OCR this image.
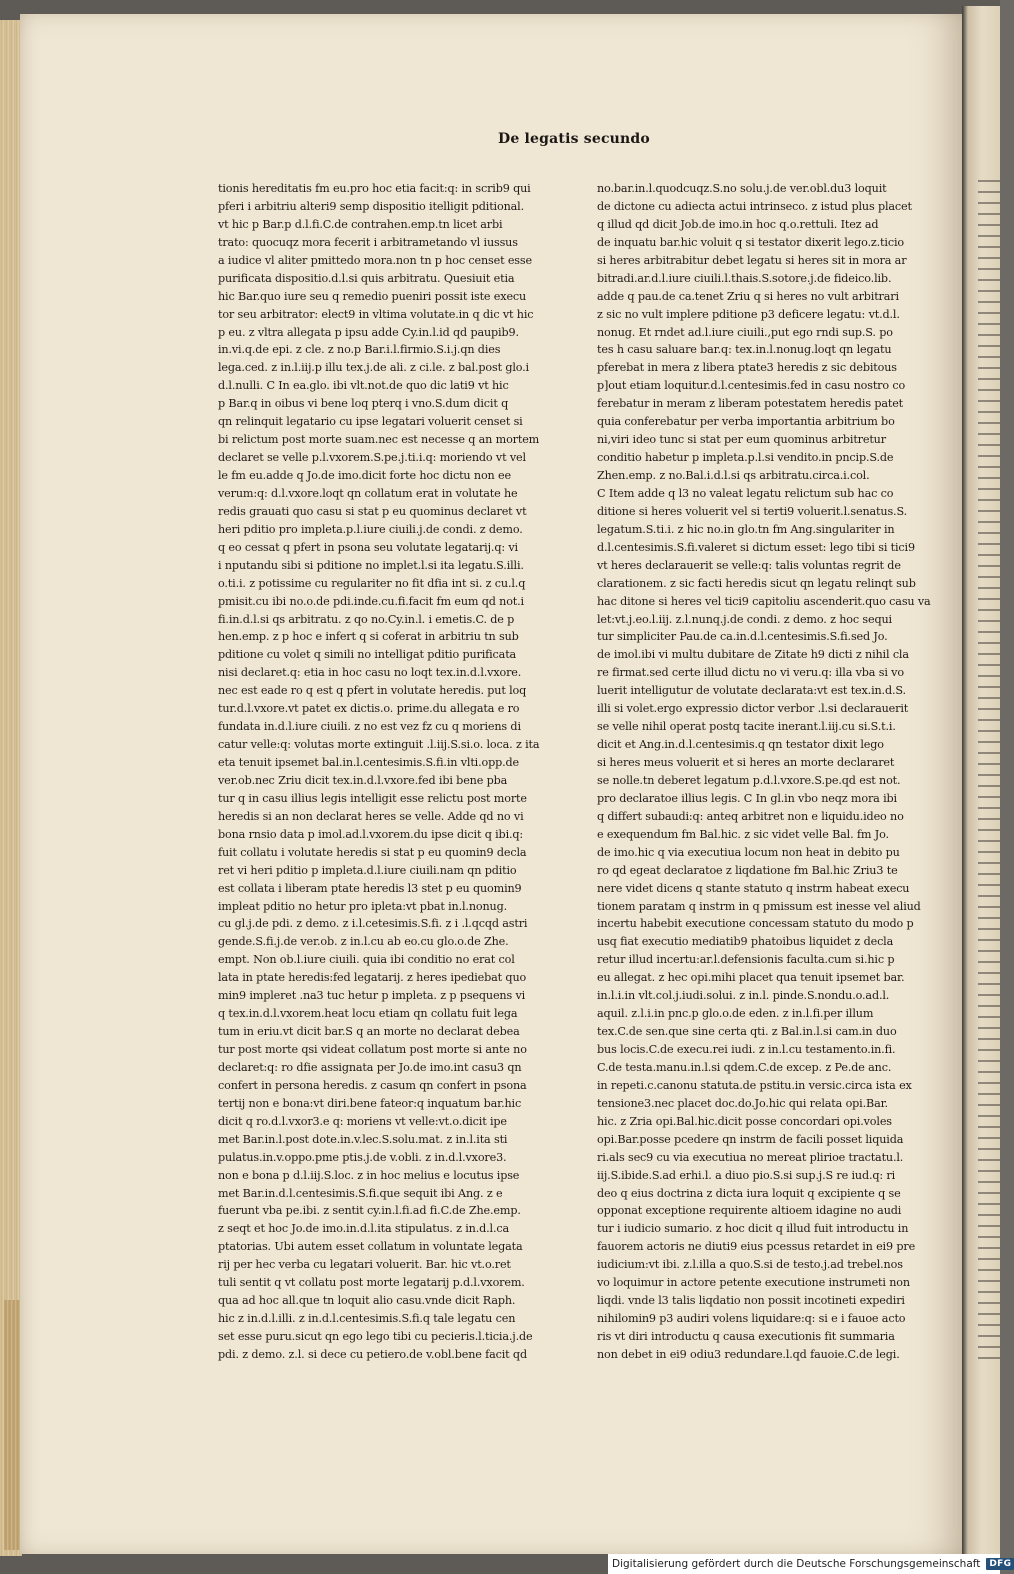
De legatis secundo
tionis hereditatis fm eu.pro hoc etia facit:q: in scrib9 qui
pferi i arbitriu alteri9 semp dispositio itelligit pditional.
vt hic p Bar.p d.l.fi.C.de contrahen.emp.tn licet arbi
trato: quocuqz mora fecerit i arbitrametando vl iussus
a iudice vl aliter pmittedo mora.non tn p hoc censet esse
purificata dispositio.d.l.si quis arbitratu. Quesiuit etia
hic Bar.quo iure seu q remedio pueniri possit iste execu
tor seu arbitrator: elect9 in vltima volutate.in q dic vt hic
p eu. z vltra allegata p ipsu adde Cy.in.l.id qd paupib9.
in.vi.q.de epi. z cle. z no.p Bar.i.l.firmio.S.i.j.qn dies
lega.ced. z in.l.iij.p illu tex.j.de ali. z ci.le. z bal.post glo.i
d.l.nulli. C In ea.glo. ibi vlt.not.de quo dic lati9 vt hic
p Bar.q in oibus vi bene loq pterq i vno.S.dum dicit q
qn relinquit legatario cu ipse legatari voluerit censet si
bi relictum post morte suam.nec est necesse q an mortem
declaret se velle p.l.vxorem.S.pe.j.ti.i.q: moriendo vt vel
le fm eu.adde q Jo.de imo.dicit forte hoc dictu non ee
verum:q: d.l.vxore.loqt qn collatum erat in volutate he
redis grauati quo casu si stat p eu quominus declaret vt
heri pditio pro impleta.p.l.iure ciuili.j.de condi. z demo.
q eo cessat q pfert in psona seu volutate legatarij.q: vi
i nputandu sibi si pditione no implet.l.si ita legatu.S.illi.
o.ti.i. z potissime cu regulariter no fit dfia int si. z cu.l.q
pmisit.cu ibi no.o.de pdi.inde.cu.fi.facit fm eum qd not.i
fi.in.d.l.si qs arbitratu. z qo no.Cy.in.l. i emetis.C. de p
hen.emp. z p hoc e infert q si coferat in arbitriu tn sub
pditione cu volet q simili no intelligat pditio purificata
nisi declaret.q: etia in hoc casu no loqt tex.in.d.l.vxore.
nec est eade ro q est q pfert in volutate heredis. put loq
tur.d.l.vxore.vt patet ex dictis.o. prime.du allegata e ro
fundata in.d.l.iure ciuili. z no est vez fz cu q moriens di
catur velle:q: volutas morte extinguit .l.iij.S.si.o. loca. z ita
eta tenuit ipsemet bal.in.l.centesimis.S.fi.in vlti.opp.de
ver.ob.nec Zriu dicit tex.in.d.l.vxore.fed ibi bene pba
tur q in casu illius legis intelligit esse relictu post morte
heredis si an non declarat heres se velle. Adde qd no vi
bona rnsio data p imol.ad.l.vxorem.du ipse dicit q ibi.q:
fuit collatu i volutate heredis si stat p eu quomin9 decla
ret vi heri pditio p impleta.d.l.iure ciuili.nam qn pditio
est collata i liberam ptate heredis l3 stet p eu quomin9
impleat pditio no hetur pro ipleta:vt pbat in.l.nonug.
cu gl.j.de pdi. z demo. z i.l.cetesimis.S.fi. z i .l.qcqd astri
gende.S.fi.j.de ver.ob. z in.l.cu ab eo.cu glo.o.de Zhe.
empt. Non ob.l.iure ciuili. quia ibi conditio no erat col
lata in ptate heredis:fed legatarij. z heres ipediebat quo
min9 impleret .na3 tuc hetur p impleta. z p psequens vi
q tex.in.d.l.vxorem.heat locu etiam qn collatu fuit lega
tum in eriu.vt dicit bar.S q an morte no declarat debea
tur post morte qsi videat collatum post morte si ante no
declaret:q: ro dfie assignata per Jo.de imo.int casu3 qn
confert in persona heredis. z casum qn confert in psona
tertij non e bona:vt diri.bene fateor:q inquatum bar.hic
dicit q ro.d.l.vxor3.e q: moriens vt velle:vt.o.dicit ipe
met Bar.in.l.post dote.in.v.lec.S.solu.mat. z in.l.ita sti
pulatus.in.v.oppo.pme ptis.j.de v.obli. z in.d.l.vxore3.
non e bona p d.l.iij.S.loc. z in hoc melius e locutus ipse
met Bar.in.d.l.centesimis.S.fi.que sequit ibi Ang. z e
fuerunt vba pe.ibi. z sentit cy.in.l.fi.ad fi.C.de Zhe.emp.
z seqt et hoc Jo.de imo.in.d.l.ita stipulatus. z in.d.l.ca
ptatorias. Ubi autem esset collatum in voluntate legata
rij per hec verba cu legatari voluerit. Bar. hic vt.o.ret
tuli sentit q vt collatu post morte legatarij p.d.l.vxorem.
qua ad hoc all.que tn loquit alio casu.vnde dicit Raph.
hic z in.d.l.illi. z in.d.l.centesimis.S.fi.q tale legatu cen
set esse puru.sicut qn ego lego tibi cu pecieris.l.ticia.j.de
pdi. z demo. z.l. si dece cu petiero.de v.obl.bene facit qd
no.bar.in.l.quodcuqz.S.no solu.j.de ver.obl.du3 loquit
de dictone cu adiecta actui intrinseco. z istud plus placet
q illud qd dicit Job.de imo.in hoc q.o.rettuli. Itez ad
de inquatu bar.hic voluit q si testator dixerit lego.z.ticio
si heres arbitrabitur debet legatu si heres sit in mora ar
bitradi.ar.d.l.iure ciuili.l.thais.S.sotore.j.de fideico.lib.
adde q pau.de ca.tenet Zriu q si heres no vult arbitrari
z sic no vult implere pditione p3 deficere legatu: vt.d.l.
nonug. Et rndet ad.l.iure ciuili.,put ego rndi sup.S. po
tes h casu saluare bar.q: tex.in.l.nonug.loqt qn legatu
pferebat in mera z libera ptate3 heredis z sic debitous
p]out etiam loquitur.d.l.centesimis.fed in casu nostro co
ferebatur in meram z liberam potestatem heredis patet
quia conferebatur per verba importantia arbitrium bo
ni,viri ideo tunc si stat per eum quominus arbitretur
conditio habetur p impleta.p.l.si vendito.in pncip.S.de
Zhen.emp. z no.Bal.i.d.l.si qs arbitratu.circa.i.col.
C Item adde q l3 no valeat legatu relictum sub hac co
ditione si heres voluerit vel si terti9 voluerit.l.senatus.S.
legatum.S.ti.i. z hic no.in glo.tn fm Ang.singulariter in
d.l.centesimis.S.fi.valeret si dictum esset: lego tibi si tici9
vt heres declarauerit se velle:q: talis voluntas regrit de
clarationem. z sic facti heredis sicut qn legatu relinqt sub
hac ditone si heres vel tici9 capitoliu ascenderit.quo casu va
let:vt.j.eo.l.iij. z.l.nunq.j.de condi. z demo. z hoc sequi
tur simpliciter Pau.de ca.in.d.l.centesimis.S.fi.sed Jo.
de imol.ibi vi multu dubitare de Zitate h9 dicti z nihil cla
re firmat.sed certe illud dictu no vi veru.q: illa vba si vo
luerit intelligutur de volutate declarata:vt est tex.in.d.S.
illi si volet.ergo expressio dictor verbor .l.si declarauerit
se velle nihil operat postq tacite inerant.l.iij.cu si.S.t.i.
dicit et Ang.in.d.l.centesimis.q qn testator dixit lego
si heres meus voluerit et si heres an morte declararet
se nolle.tn deberet legatum p.d.l.vxore.S.pe.qd est not.
pro declaratoe illius legis. C In gl.in vbo neqz mora ibi
q differt subaudi:q: anteq arbitret non e liquidu.ideo no
e exequendum fm Bal.hic. z sic videt velle Bal. fm Jo.
de imo.hic q via executiua locum non heat in debito pu
ro qd egeat declaratoe z liqdatione fm Bal.hic Zriu3 te
nere videt dicens q stante statuto q instrm habeat execu
tionem paratam q instrm in q pmissum est inesse vel aliud
incertu habebit executione concessam statuto du modo p
usq fiat executio mediatib9 phatoibus liquidet z decla
retur illud incertu:ar.l.defensionis faculta.cum si.hic p
eu allegat. z hec opi.mihi placet qua tenuit ipsemet bar.
in.l.i.in vlt.col.j.iudi.solui. z in.l. pinde.S.nondu.o.ad.l.
aquil. z.l.i.in pnc.p glo.o.de eden. z in.l.fi.per illum
tex.C.de sen.que sine certa qti. z Bal.in.l.si cam.in duo
bus locis.C.de execu.rei iudi. z in.l.cu testamento.in.fi.
C.de testa.manu.in.l.si qdem.C.de excep. z Pe.de anc.
in repeti.c.canonu statuta.de pstitu.in versic.circa ista ex
tensione3.nec placet doc.do.Jo.hic qui relata opi.Bar.
hic. z Zria opi.Bal.hic.dicit posse concordari opi.voles
opi.Bar.posse pcedere qn instrm de facili posset liquida
ri.als sec9 cu via executiua no mereat plirioe tractatu.l.
iij.S.ibide.S.ad erhi.l. a diuo pio.S.si sup.j.S re iud.q: ri
deo q eius doctrina z dicta iura loquit q excipiente q se
opponat exceptione requirente altioem idagine no audi
tur i iudicio sumario. z hoc dicit q illud fuit introductu in
fauorem actoris ne diuti9 eius pcessus retardet in ei9 pre
iudicium:vt ibi. z.l.illa a quo.S.si de testo.j.ad trebel.nos
vo loquimur in actore petente executione instrumeti non
liqdi. vnde l3 talis liqdatio non possit incotineti expediri
nihilomin9 p3 audiri volens liquidare:q: si e i fauoe acto
ris vt diri introductu q causa executionis fit summaria
non debet in ei9 odiu3 redundare.l.qd fauoie.C.de legi.
Digitalisierung gefördert durch die Deutsche Forschungsgemeinschaft	DFG
